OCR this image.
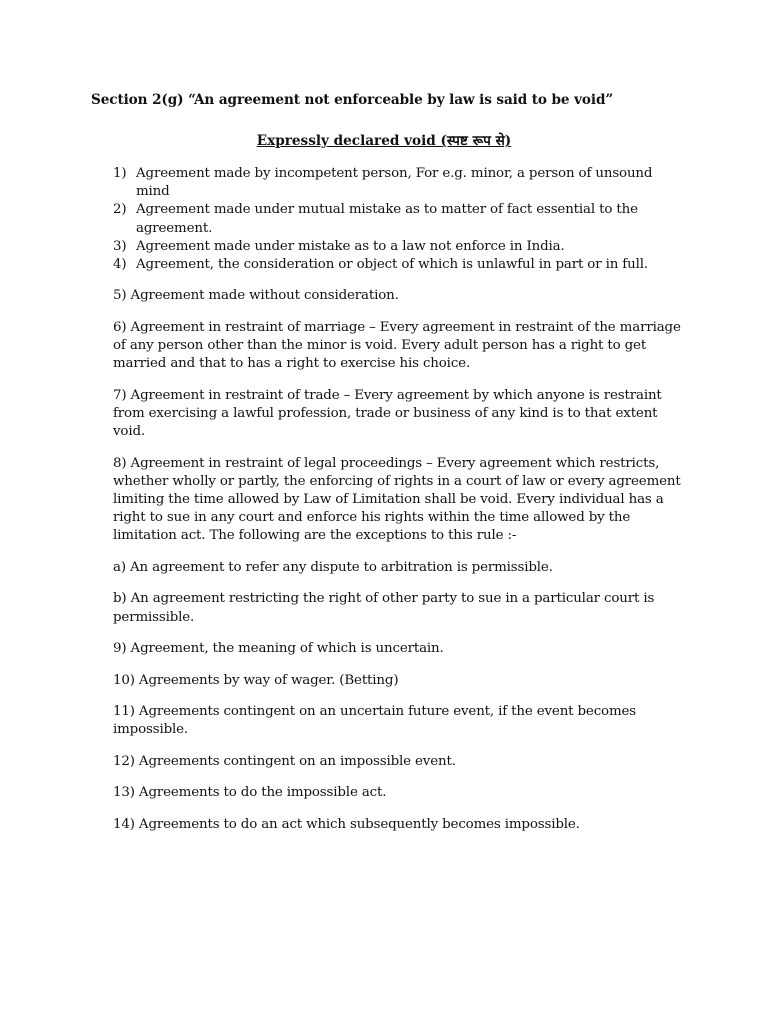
Section 2(g) “An agreement not enforceable by law is said to be void”
Expressly declared void (स्पष्ट रूप से)
1) Agreement made by incompetent person, For e.g. minor, a person of unsound mind
2) Agreement made under mutual mistake as to matter of fact essential to the agreement.
3) Agreement made under mistake as to a law not enforce in India.
4) Agreement, the consideration or object of which is unlawful in part or in full.

5) Agreement made without consideration.

6) Agreement in restraint of marriage – Every agreement in restraint of the marriage of any person other than the minor is void. Every adult person has a right to get married and that to has a right to exercise his choice.

7) Agreement in restraint of trade – Every agreement by which anyone is restraint from exercising a lawful profession, trade or business of any kind is to that extent void.

8) Agreement in restraint of legal proceedings – Every agreement which restricts, whether wholly or partly, the enforcing of rights in a court of law or every agreement limiting the time allowed by Law of Limitation shall be void. Every individual has a right to sue in any court and enforce his rights within the time allowed by the limitation act. The following are the exceptions to this rule :-

a) An agreement to refer any dispute to arbitration is permissible.

b) An agreement restricting the right of other party to sue in a particular court is permissible.

9) Agreement, the meaning of which is uncertain.

10) Agreements by way of wager. (Betting)

11) Agreements contingent on an uncertain future event, if the event becomes impossible.

12) Agreements contingent on an impossible event.

13) Agreements to do the impossible act.

14) Agreements to do an act which subsequently becomes impossible.
